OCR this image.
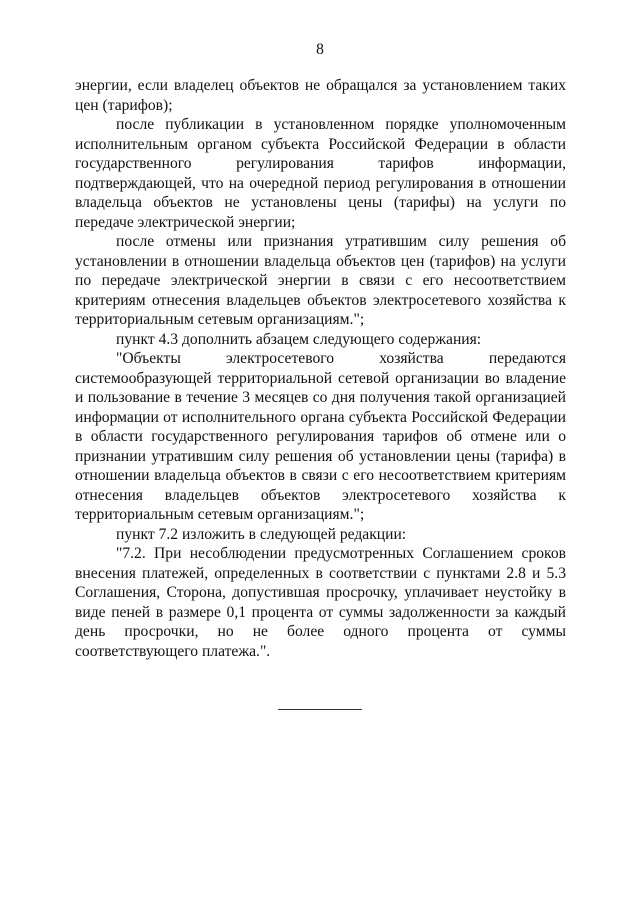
8

энергии, если владелец объектов не обращался за установлением таких цен (тарифов);

после публикации в установленном порядке уполномоченным исполнительным органом субъекта Российской Федерации в области государственного регулирования тарифов информации, подтверждающей, что на очередной период регулирования в отношении владельца объектов не установлены цены (тарифы) на услуги по передаче электрической энергии;

после отмены или признания утратившим силу решения об установлении в отношении владельца объектов цен (тарифов) на услуги по передаче электрической энергии в связи с его несоответствием критериям отнесения владельцев объектов электросетевого хозяйства к территориальным сетевым организациям.";

пункт 4.3 дополнить абзацем следующего содержания:

"Объекты электросетевого хозяйства передаются системообразующей территориальной сетевой организации во владение и пользование в течение 3 месяцев со дня получения такой организацией информации от исполнительного органа субъекта Российской Федерации в области государственного регулирования тарифов об отмене или о признании утратившим силу решения об установлении цены (тарифа) в отношении владельца объектов в связи с его несоответствием критериям отнесения владельцев объектов электросетевого хозяйства к территориальным сетевым организациям.";

пункт 7.2 изложить в следующей редакции:

"7.2. При несоблюдении предусмотренных Соглашением сроков внесения платежей, определенных в соответствии с пунктами 2.8 и 5.3 Соглашения, Сторона, допустившая просрочку, уплачивает неустойку в виде пеней в размере 0,1 процента от суммы задолженности за каждый день просрочки, но не более одного процента от суммы соответствующего платежа.".
